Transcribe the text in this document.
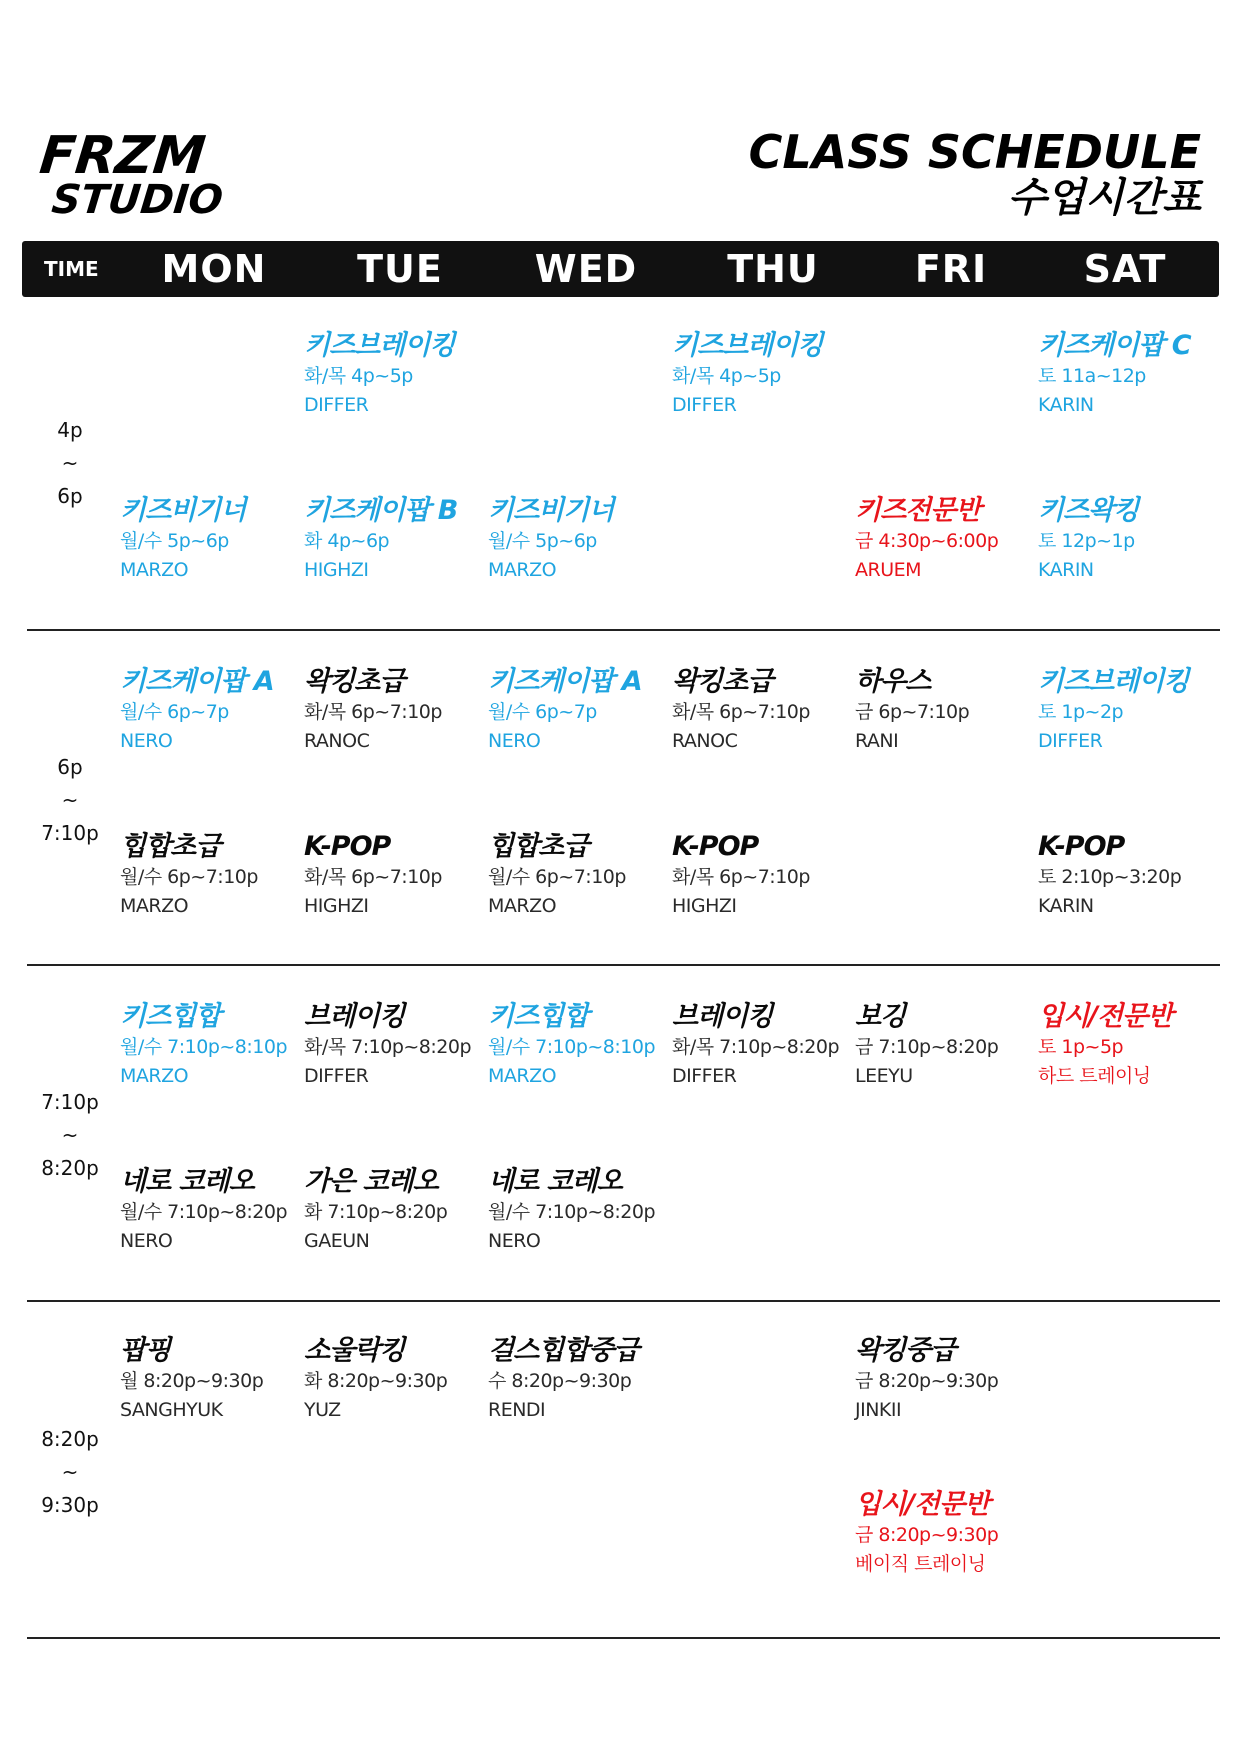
FRZM
STUDIO
CLASS SCHEDULE
수업시간표
TIME MON TUE WED THU	FRI	SAT
4p
~
6p
6p
~
7:10p
7:10p
~
8:20p
8:20p
~
9:30p
키즈브레이킹
화/목 4p~5p
DIFFER
키즈브레이킹
화/목 4p~5p
DIFFER
키즈케이팝 C
토 11a~12p
KARIN
키즈비기너
월/수 5p~6p
MARZO
키즈케이팝 B
화 4p~6p
HIGHZI
키즈비기너
월/수 5p~6p
MARZO
키즈전문반
금 4:30p~6:00p
ARUEM
키즈왁킹
토 12p~1p
KARIN
키즈케이팝 A
월/수 6p~7p
NERO
왁킹초급
화/목 6p~7:10p
RANOC
키즈케이팝 A
월/수 6p~7p
NERO
왁킹초급
화/목 6p~7:10p
RANOC
하우스
금 6p~7:10p
RANI
키즈브레이킹
토 1p~2p
DIFFER
힙합초급
월/수 6p~7:10p
MARZO
K-POP
화/목 6p~7:10p
HIGHZI
힙합초급
월/수 6p~7:10p
MARZO
K-POP
화/목 6p~7:10p
HIGHZI
K-POP
토 2:10p~3:20p
KARIN
키즈힙합
월/수 7:10p~8:10p
MARZO
브레이킹
화/목 7:10p~8:20p
DIFFER
키즈힙합
월/수 7:10p~8:10p
MARZO
브레이킹
화/목 7:10p~8:20p
DIFFER
보깅
금 7:10p~8:20p
LEEYU
입시/전문반
토 1p~5p
하드 트레이닝
네로 코레오
월/수 7:10p~8:20p
NERO
가은 코레오
화 7:10p~8:20p
GAEUN
네로 코레오
월/수 7:10p~8:20p
NERO
팝핑
월 8:20p~9:30p
SANGHYUK
소울락킹
화 8:20p~9:30p
YUZ
걸스힙합중급
수 8:20p~9:30p
RENDI
왁킹중급
금 8:20p~9:30p
JINKII
입시/전문반
금 8:20p~9:30p
베이직 트레이닝
